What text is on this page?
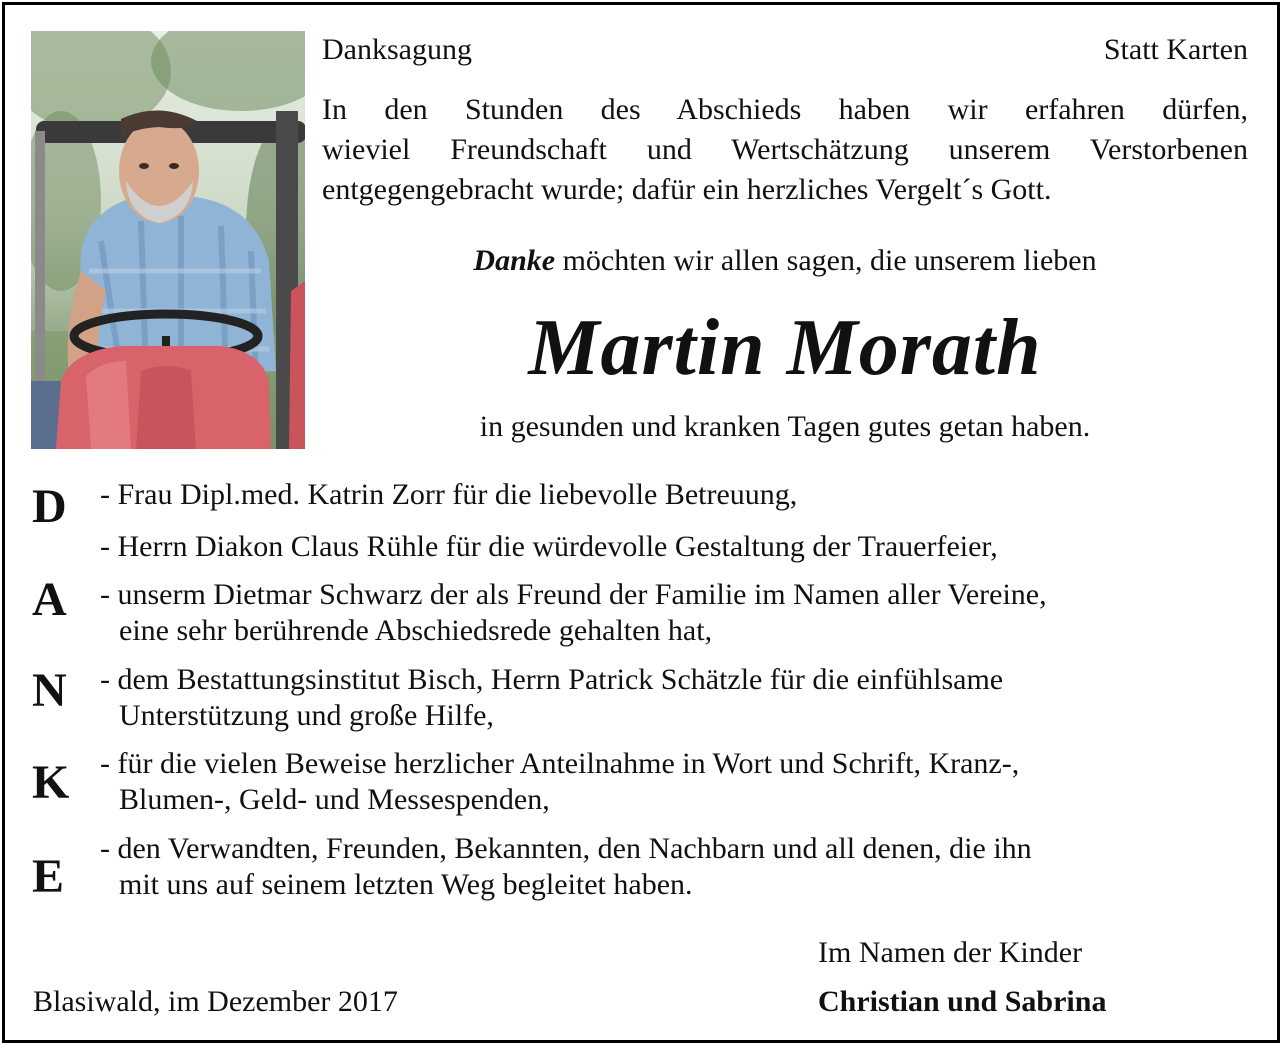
Danksagung	Statt Karten
In den Stunden des Abschieds haben wir erfahren dürfen,
wieviel Freundschaft und Wertschätzung unserem Verstorbenen
entgegengebracht wurde; dafür ein herzliches Vergelt´s Gott.
Danke möchten wir allen sagen, die unserem lieben
Martin Morath
in gesunden und kranken Tagen gutes getan haben.
D
A
N
K
E
- Frau Dipl.med. Katrin Zorr für die liebevolle Betreuung,
- Herrn Diakon Claus Rühle für die würdevolle Gestaltung der Trauerfeier,
- unserm Dietmar Schwarz der als Freund der Familie im Namen aller Vereine,
eine sehr berührende Abschiedsrede gehalten hat,
- dem Bestattungsinstitut Bisch, Herrn Patrick Schätzle für die einfühlsame
Unterstützung und große Hilfe,
- für die vielen Beweise herzlicher Anteilnahme in Wort und Schrift, Kranz-,
Blumen-, Geld- und Messespenden,
- den Verwandten, Freunden, Bekannten, den Nachbarn und all denen, die ihn
mit uns auf seinem letzten Weg begleitet haben.
Im Namen der Kinder
Christian und Sabrina
Blasiwald, im Dezember 2017
